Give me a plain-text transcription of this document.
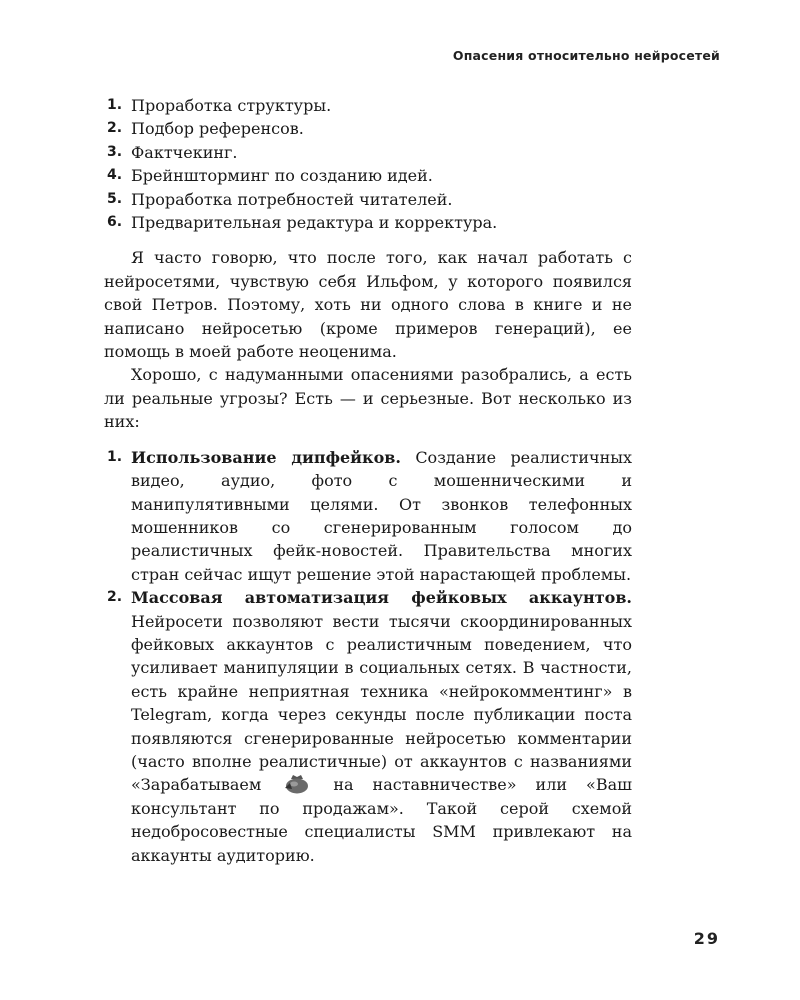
Опасения относительно нейросетей
1. Проработка структуры.
2. Подбор референсов.
3. Фактчекинг.
4. Брейншторминг по созданию идей.
5. Проработка потребностей читателей.
6. Предварительная редактура и корректура.

Я часто говорю, что после того, как начал работать с нейросетями, чувствую себя Ильфом, у которого появился свой Петров. Поэтому, хоть ни одного слова в книге и не написано нейросетью (кроме примеров генераций), ее помощь в моей работе неоценима.

Хорошо, с надуманными опасениями разобрались, а есть ли реальные угрозы? Есть — и серьезные. Вот несколько из них:

1. Использование дипфейков. Создание реалистичных видео, аудио, фото с мошенническими и манипулятивными целями. От звонков телефонных мошенников со сгенерированным голосом до реалистичных фейк-новостей. Правительства многих стран сейчас ищут решение этой нарастающей проблемы.
2. Массовая автоматизация фейковых аккаунтов. Нейросети позволяют вести тысячи скоординированных фейковых аккаунтов с реалистичным поведением, что усиливает манипуляции в социальных сетях. В частности, есть крайне неприятная техника «нейрокомментинг» в Telegram, когда через секунды после публикации поста появляются сгенерированные нейросетью комментарии (часто вполне реалистичные) от аккаунтов с названиями «Зарабатываем	на наставничестве» или «Ваш консультант по продажам». Такой серой схемой недобросовестные специалисты SMM привлекают на аккаунты аудиторию.
29
